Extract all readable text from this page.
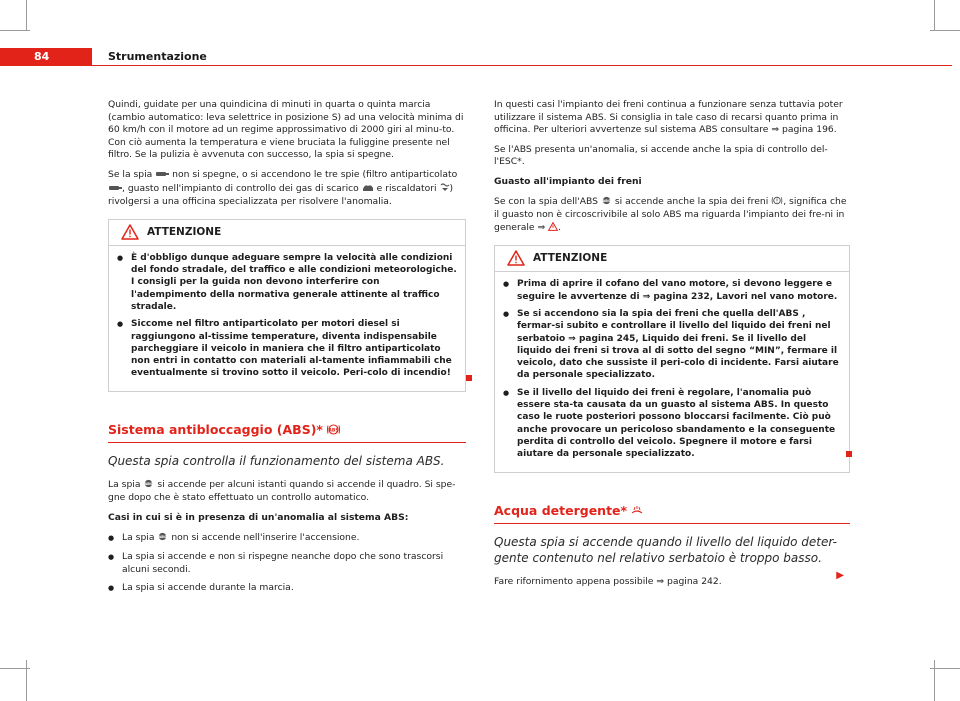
84	Strumentazione

Quindi, guidate per una quindicina di minuti in quarta o quinta marcia (cambio automatico: leva selettrice in posizione S) ad una velocità minima di 60 km/h con il motore ad un regime approssimativo di 2000 giri al minu-to. Con ciò aumenta la temperatura e viene bruciata la fuliggine presente nel filtro. Se la pulizia è avvenuta con successo, la spia si spegne.

Se la spia non si spegne, o si accendono le tre spie (filtro antiparticolato , guasto nell'impianto di controllo dei gas di scarico e riscaldatori ) rivolgersi a una officina specializzata per risolvere l'anomalia.

ATTENZIONE
● È d'obbligo dunque adeguare sempre la velocità alle condizioni del fondo stradale, del traffico e alle condizioni meteorologiche. I consigli per la guida non devono interferire con l'adempimento della normativa generale attinente al traffico stradale.
● Siccome nel filtro antiparticolato per motori diesel si raggiungono al-tissime temperature, diventa indispensabile parcheggiare il veicolo in maniera che il filtro antiparticolato non entri in contatto con materiali al-tamente infiammabili che eventualmente si trovino sotto il veicolo. Peri-colo di incendio!
Sistema antibloccaggio (ABS)* ABS
Questa spia controlla il funzionamento del sistema ABS.

La spia ABS si accende per alcuni istanti quando si accende il quadro. Si spe-gne dopo che è stato effettuato un controllo automatico.

Casi in cui si è in presenza di un'anomalia al sistema ABS:

● La spia ABS non si accende nell'inserire l'accensione.
● La spia si accende e non si rispegne neanche dopo che sono trascorsi alcuni secondi.
● La spia si accende durante la marcia.

In questi casi l'impianto dei freni continua a funzionare senza tuttavia poter utilizzare il sistema ABS. Si consiglia in tale caso di recarsi quanto prima in officina. Per ulteriori avvertenze sul sistema ABS consultare ⇒ pagina 196.

Se l'ABS presenta un'anomalia, si accende anche la spia di controllo del-l'ESC*.

Guasto all'impianto dei freni

Se con la spia dell'ABS ABS si accende anche la spia dei freni , significa che il guasto non è circoscrivibile al solo ABS ma riguarda l'impianto dei fre-ni in generale ⇒ .

ATTENZIONE
● Prima di aprire il cofano del vano motore, si devono leggere e seguire le avvertenze di ⇒ pagina 232, Lavori nel vano motore.
● Se si accendono sia la spia dei freni che quella dell'ABS , fermar-si subito e controllare il livello del liquido dei freni nel serbatoio ⇒ pagina 245, Liquido dei freni. Se il livello del liquido dei freni si trova al di sotto del segno “MIN”, fermare il veicolo, dato che sussiste il peri-colo di incidente. Farsi aiutare da personale specializzato.
● Se il livello del liquido dei freni è regolare, l'anomalia può essere sta-ta causata da un guasto al sistema ABS. In questo caso le ruote posteriori possono bloccarsi facilmente. Ciò può anche provocare un pericoloso sbandamento e la conseguente perdita di controllo del veicolo. Spegnere il motore e farsi aiutare da personale specializzato.
Acqua detergente*
Questa spia si accende quando il livello del liquido deter-gente contenuto nel relativo serbatoio è troppo basso.

Fare rifornimento appena possibile ⇒ pagina 242.	▶
